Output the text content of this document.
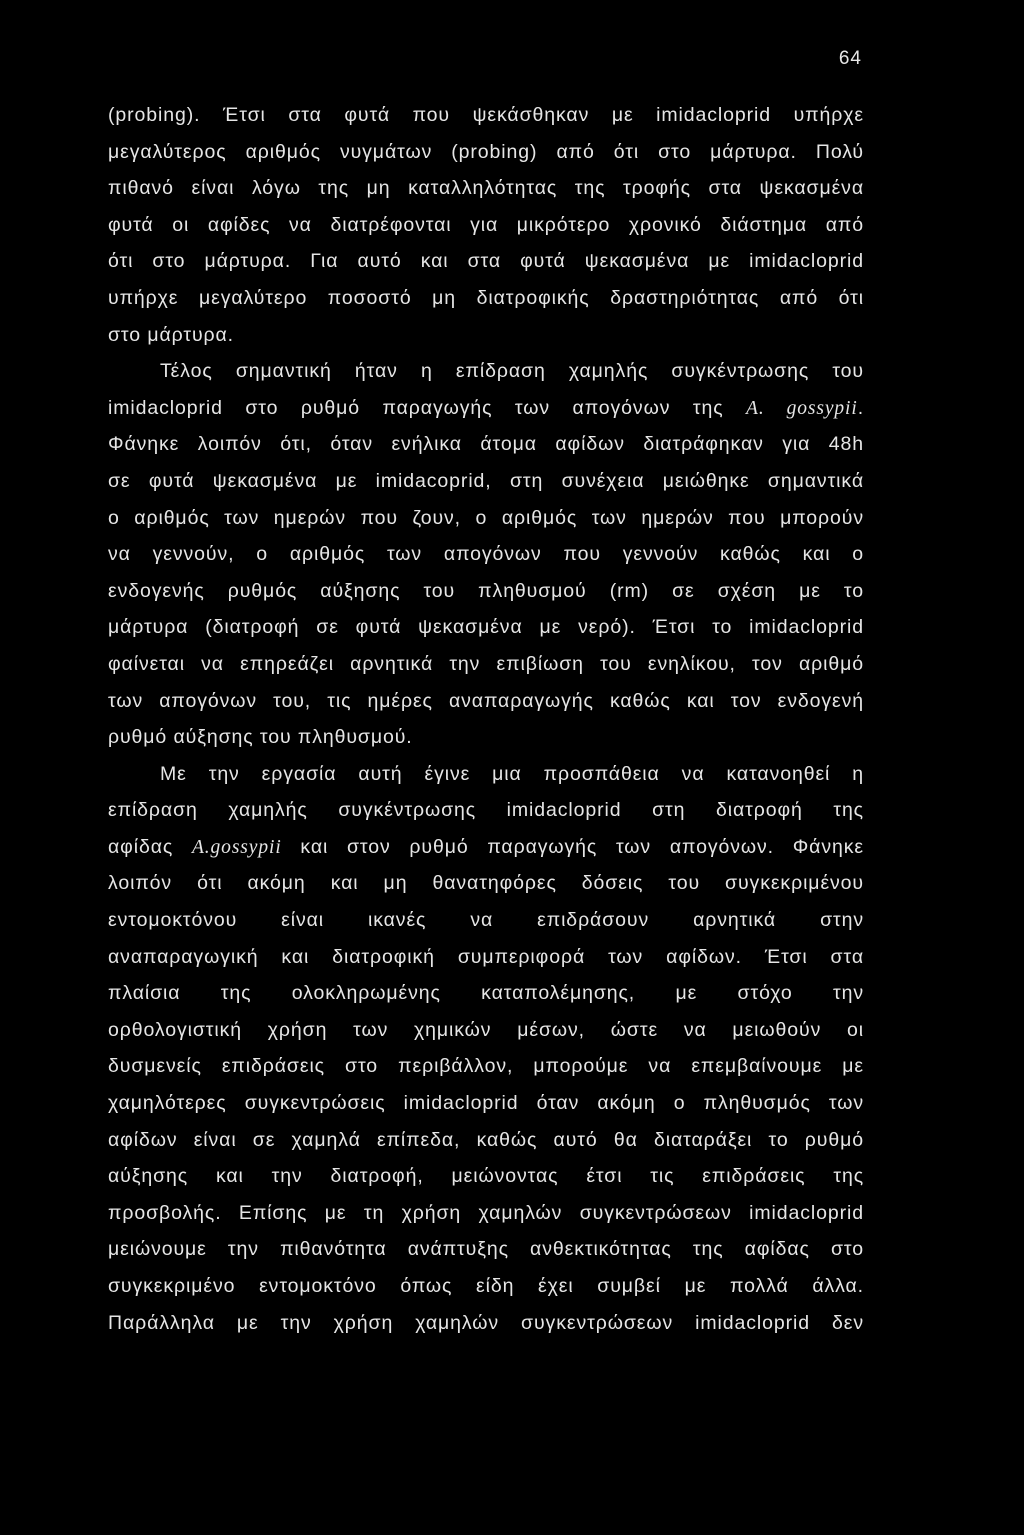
64
(probing). Έτσι στα φυτά που ψεκάσθηκαν με imidacloprid υπήρχε
μεγαλύτερος αριθμός νυγμάτων (probing) από ότι στο μάρτυρα. Πολύ
πιθανό είναι λόγω της μη καταλληλότητας της τροφής στα ψεκασμένα
φυτά οι αφίδες να διατρέφονται για μικρότερο χρονικό διάστημα από
ότι στο μάρτυρα. Για αυτό και στα φυτά ψεκασμένα με imidacloprid
υπήρχε μεγαλύτερο ποσοστό μη διατροφικής δραστηριότητας από ότι
στο μάρτυρα.
Τέλος σημαντική ήταν η επίδραση χαμηλής συγκέντρωσης του
imidacloprid στο ρυθμό παραγωγής των απογόνων της A. gossypii.
Φάνηκε λοιπόν ότι, όταν ενήλικα άτομα αφίδων διατράφηκαν για 48h
σε φυτά ψεκασμένα με imidacoprid, στη συνέχεια μειώθηκε σημαντικά
ο αριθμός των ημερών που ζουν, ο αριθμός των ημερών που μπορούν
να γεννούν, ο αριθμός των απογόνων που γεννούν καθώς και ο
ενδογενής ρυθμός αύξησης του πληθυσμού (rm) σε σχέση με το
μάρτυρα (διατροφή σε φυτά ψεκασμένα με νερό). Έτσι το imidacloprid
φαίνεται να επηρεάζει αρνητικά την επιβίωση του ενηλίκου, τον αριθμό
των απογόνων του, τις ημέρες αναπαραγωγής καθώς και τον ενδογενή
ρυθμό αύξησης του πληθυσμού.
Με την εργασία αυτή έγινε μια προσπάθεια να κατανοηθεί η
επίδραση χαμηλής συγκέντρωσης imidacloprid στη διατροφή της
αφίδας A.gossypii και στον ρυθμό παραγωγής των απογόνων. Φάνηκε
λοιπόν ότι ακόμη και μη θανατηφόρες δόσεις του συγκεκριμένου
εντομοκτόνου είναι ικανές να επιδράσουν αρνητικά στην
αναπαραγωγική και διατροφική συμπεριφορά των αφίδων. Έτσι στα
πλαίσια της ολοκληρωμένης καταπολέμησης, με στόχο την
ορθολογιστική χρήση των χημικών μέσων, ώστε να μειωθούν οι
δυσμενείς επιδράσεις στο περιβάλλον, μπορούμε να επεμβαίνουμε με
χαμηλότερες συγκεντρώσεις imidacloprid όταν ακόμη ο πληθυσμός των
αφίδων είναι σε χαμηλά επίπεδα, καθώς αυτό θα διαταράξει το ρυθμό
αύξησης και την διατροφή, μειώνοντας έτσι τις επιδράσεις της
προσβολής. Επίσης με τη χρήση χαμηλών συγκεντρώσεων imidacloprid
μειώνουμε την πιθανότητα ανάπτυξης ανθεκτικότητας της αφίδας στο
συγκεκριμένο εντομοκτόνο όπως είδη έχει συμβεί με πολλά άλλα.
Παράλληλα με την χρήση χαμηλών συγκεντρώσεων imidacloprid δεν
